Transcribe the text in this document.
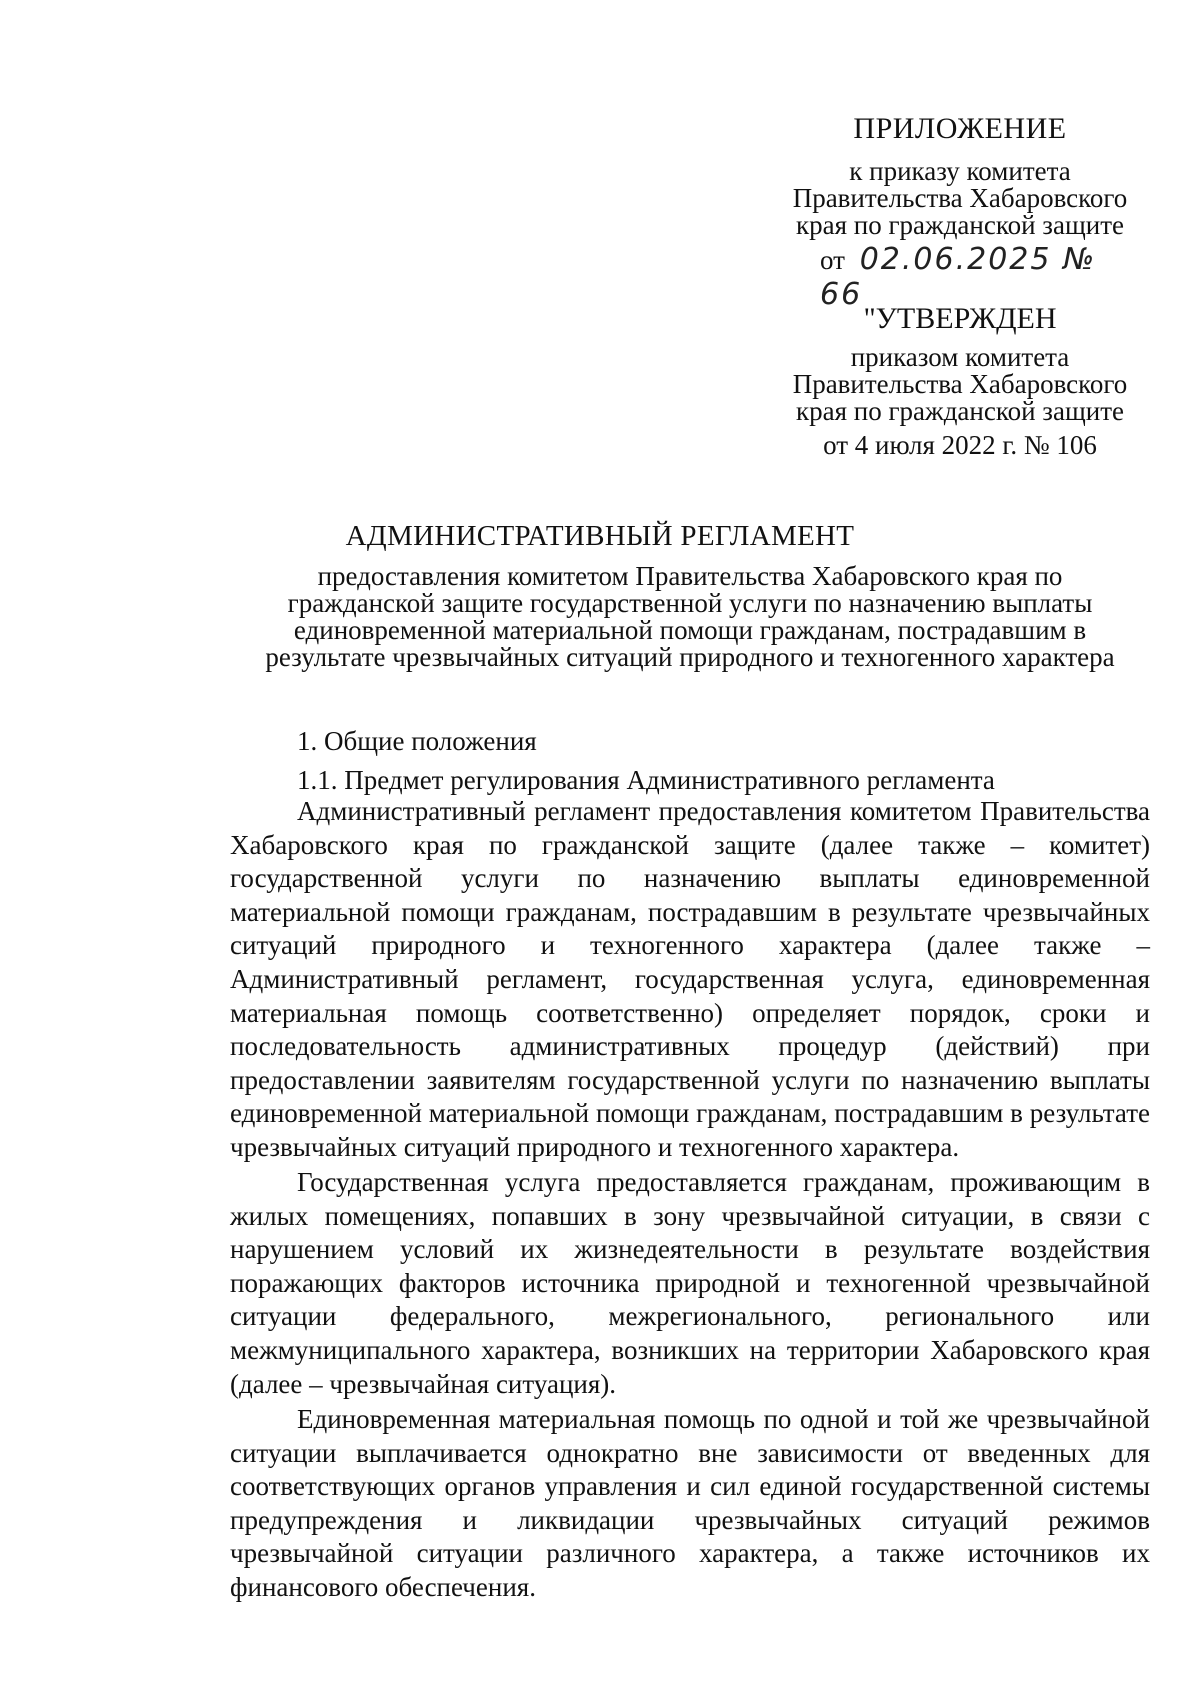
ПРИЛОЖЕНИЕ

к приказу комитета

Правительства Хабаровского

края по гражданской защите

от 02.06.2025 № 66
"УТВЕРЖДЕН

приказом комитета

Правительства Хабаровского

края по гражданской защите

от 4 июля 2022 г. № 106
АДМИНИСТРАТИВНЫЙ РЕГЛАМЕНТ
предоставления комитетом Правительства Хабаровского края по
гражданской защите государственной услуги по назначению выплаты
единовременной материальной помощи гражданам, пострадавшим в
результате чрезвычайных ситуаций природного и техногенного характера
1. Общие положения
1.1. Предмет регулирования Административного регламента

Административный регламент предоставления комитетом Правительства Хабаровского края по гражданской защите (далее также – комитет) государственной услуги по назначению выплаты единовременной материальной помощи гражданам, пострадавшим в результате чрезвычайных ситуаций природного и техногенного характера (далее также – Административный регламент, государственная услуга, единовременная материальная помощь соответственно) определяет порядок, сроки и последовательность административных процедур (действий) при предоставлении заявителям государственной услуги по назначению выплаты единовременной материальной помощи гражданам, пострадавшим в результате чрезвычайных ситуаций природного и техногенного характера.

Государственная услуга предоставляется гражданам, проживающим в жилых помещениях, попавших в зону чрезвычайной ситуации, в связи с нарушением условий их жизнедеятельности в результате воздействия поражающих факторов источника природной и техногенной чрезвычайной ситуации федерального, межрегионального, регионального или межмуниципального характера, возникших на территории Хабаровского края (далее – чрезвычайная ситуация).

Единовременная материальная помощь по одной и той же чрезвычайной ситуации выплачивается однократно вне зависимости от введенных для соответствующих органов управления и сил единой государственной системы предупреждения и ликвидации чрезвычайных ситуаций режимов чрезвычайной ситуации различного характера, а также источников их финансового обеспечения.
